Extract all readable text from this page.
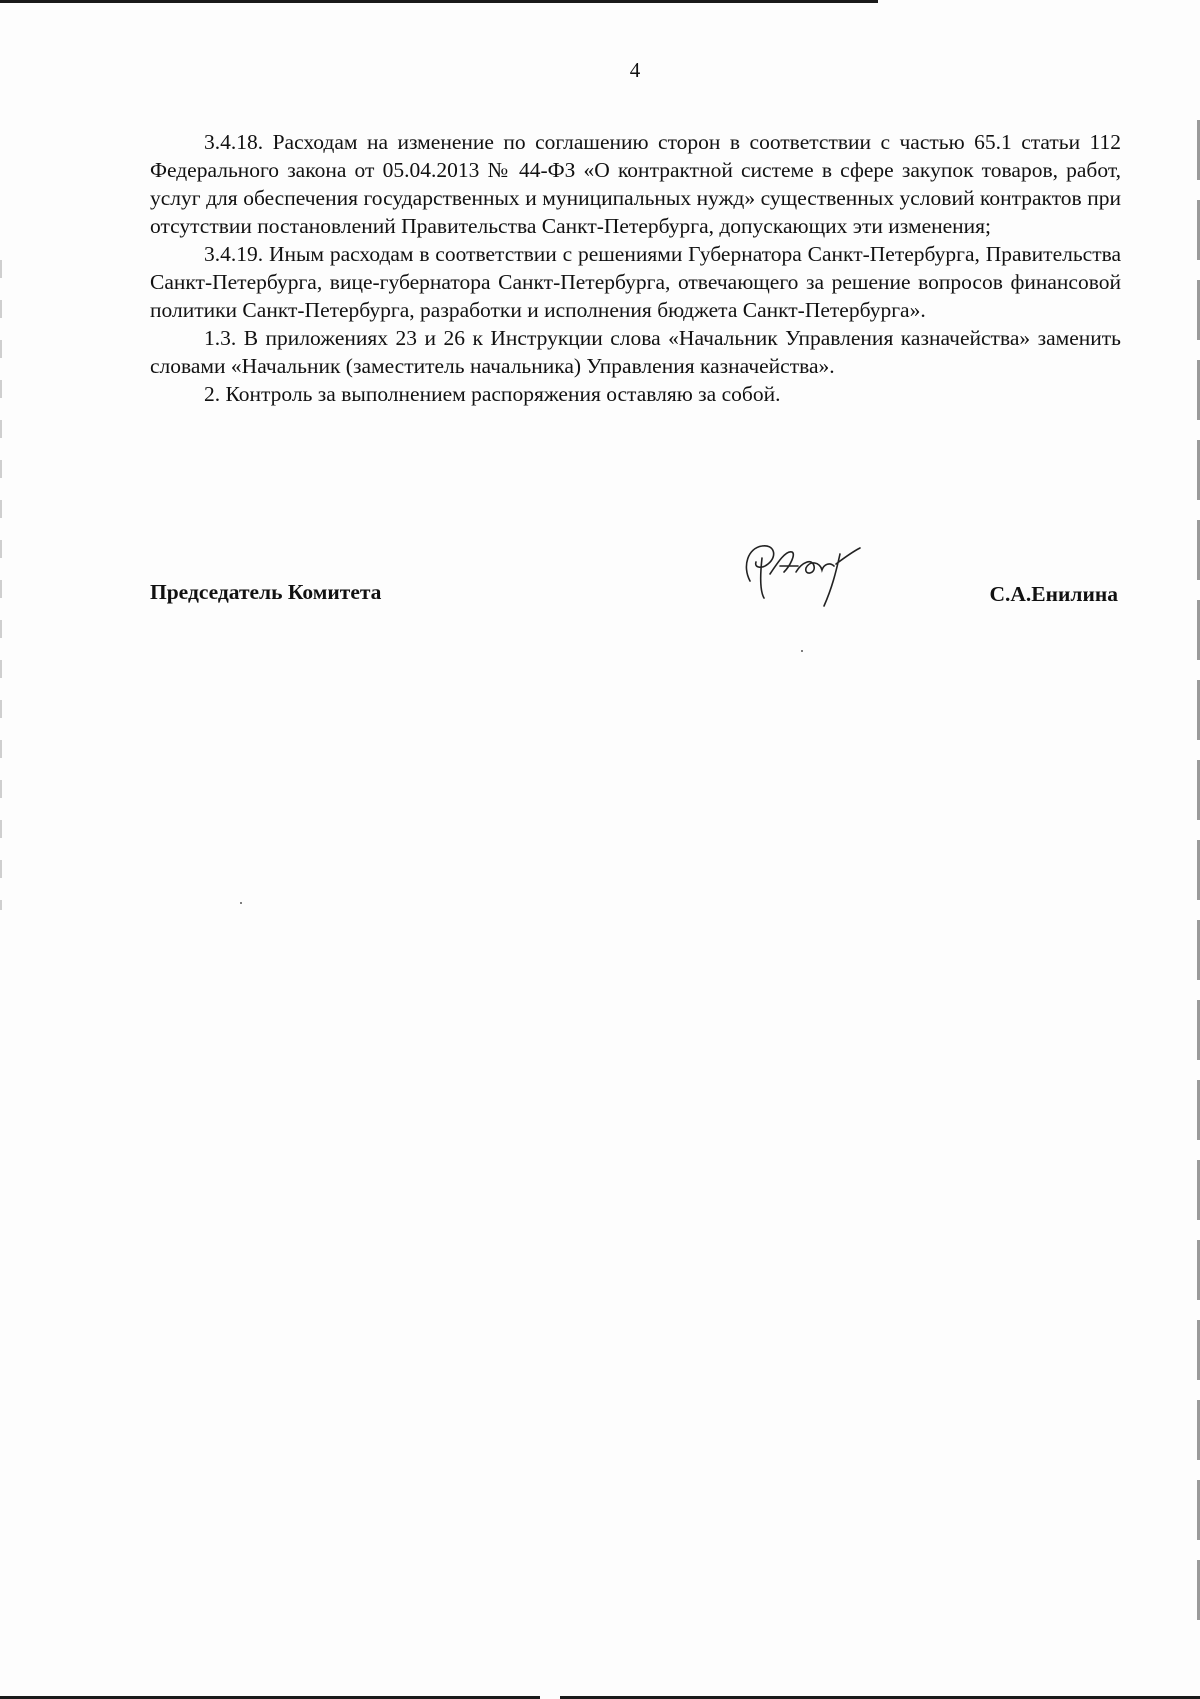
4

3.4.18. Расходам на изменение по соглашению сторон в соответствии с частью 65.1 статьи 112 Федерального закона от 05.04.2013 № 44-ФЗ «О контрактной системе в сфере закупок товаров, работ, услуг для обеспечения государственных и муниципальных нужд» существенных условий контрактов при отсутствии постановлений Правительства Санкт-Петербурга, допускающих эти изменения;

3.4.19. Иным расходам в соответствии с решениями Губернатора Санкт-Петербурга, Правительства Санкт-Петербурга, вице-губернатора Санкт-Петербурга, отвечающего за решение вопросов финансовой политики Санкт-Петербурга, разработки и исполнения бюджета Санкт-Петербурга».

1.3. В приложениях 23 и 26 к Инструкции слова «Начальник Управления казначейства» заменить словами «Начальник (заместитель начальника) Управления казначейства».

2. Контроль за выполнением распоряжения оставляю за собой.

Председатель Комитета	С.А.Енилина
